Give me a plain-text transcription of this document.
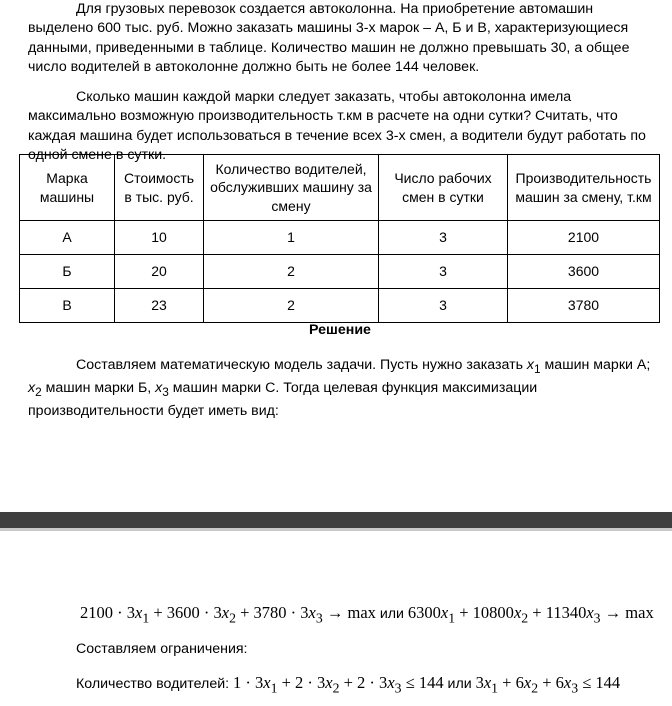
Для грузовых перевозок создается автоколонна. На приобретение автомашин выделено 600 тыс. руб. Можно заказать машины 3-х марок – А, Б и В, характеризующиеся данными, приведенными в таблице. Количество машин не должно превышать 30, а общее число водителей в автоколонне должно быть не более 144 человек.

Сколько машин каждой марки следует заказать, чтобы автоколонна имела максимально возможную производительность т.км в расчете на одни сутки? Считать, что каждая машина будет использоваться в течение всех 3-х смен, а водители будут работать по одной смене в сутки.

Марка машины	Стоимость в тыс. руб.	Количество водителей, обслуживших машину за смену	Число рабочих смен в сутки	Производительность машин за смену, т.км
А	10	1	3	2100
Б	20	2	3	3600
В	23	2	3	3780
Решение

Составляем математическую модель задачи. Пусть нужно заказать $x_1$ машин марки А; $x_2$ машин марки Б, $x_3$ машин марки С. Тогда целевая функция максимизации производительности будет иметь вид:

$2100 \cdot 3x_1 + 3600 \cdot 3x_2 + 3780 \cdot 3x_3 \to \max$ или $6300x_1 + 10800x_2 + 11340x_3 \to \max$
Составляем ограничения:
Количество водителей: $1 \cdot 3x_1 + 2 \cdot 3x_2 + 2 \cdot 3x_3 \le 144$ или $3x_1 + 6x_2 + 6x_3 \le 144$
